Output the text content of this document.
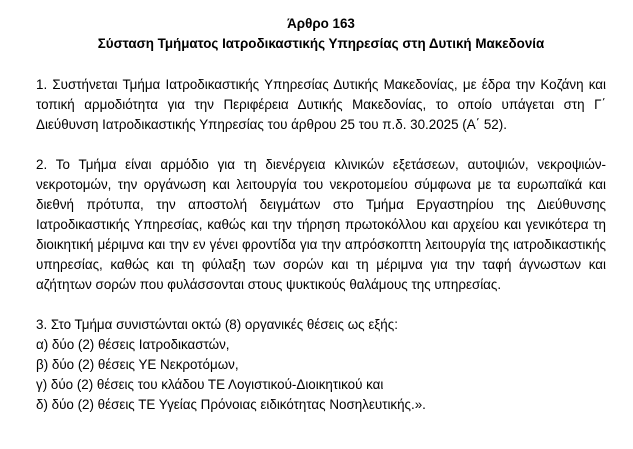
Άρθρο 163

Σύσταση Τμήματος Ιατροδικαστικής Υπηρεσίας στη Δυτική Μακεδονία

1. Συστήνεται Τμήμα Ιατροδικαστικής Υπηρεσίας Δυτικής Μακεδονίας, με έδρα την Κοζάνη και τοπική αρμοδιότητα για την Περιφέρεια Δυτικής Μακεδονίας, το οποίο υπάγεται στη Γ΄ Διεύθυνση Ιατροδικαστικής Υπηρεσίας του άρθρου 25 του π.δ. 30.2025 (Α΄ 52).

2. Το Τμήμα είναι αρμόδιο για τη διενέργεια κλινικών εξετάσεων, αυτοψιών, νεκροψιών-νεκροτομών, την οργάνωση και λειτουργία του νεκροτομείου σύμφωνα με τα ευρωπαϊκά και διεθνή πρότυπα, την αποστολή δειγμάτων στο Τμήμα Εργαστηρίου της Διεύθυνσης Ιατροδικαστικής Υπηρεσίας, καθώς και την τήρηση πρωτοκόλλου και αρχείου και γενικότερα τη διοικητική μέριμνα και την εν γένει φροντίδα για την απρόσκοπτη λειτουργία της ιατροδικαστικής υπηρεσίας, καθώς και τη φύλαξη των σορών και τη μέριμνα για την ταφή άγνωστων και αζήτητων σορών που φυλάσσονται στους ψυκτικούς θαλάμους της υπηρεσίας.

3. Στο Τμήμα συνιστώνται οκτώ (8) οργανικές θέσεις ως εξής:

α) δύο (2) θέσεις Ιατροδικαστών,

β) δύο (2) θέσεις ΥΕ Νεκροτόμων,

γ) δύο (2) θέσεις του κλάδου ΤΕ Λογιστικού-Διοικητικού και

δ) δύο (2) θέσεις ΤΕ Υγείας Πρόνοιας ειδικότητας Νοσηλευτικής.».
